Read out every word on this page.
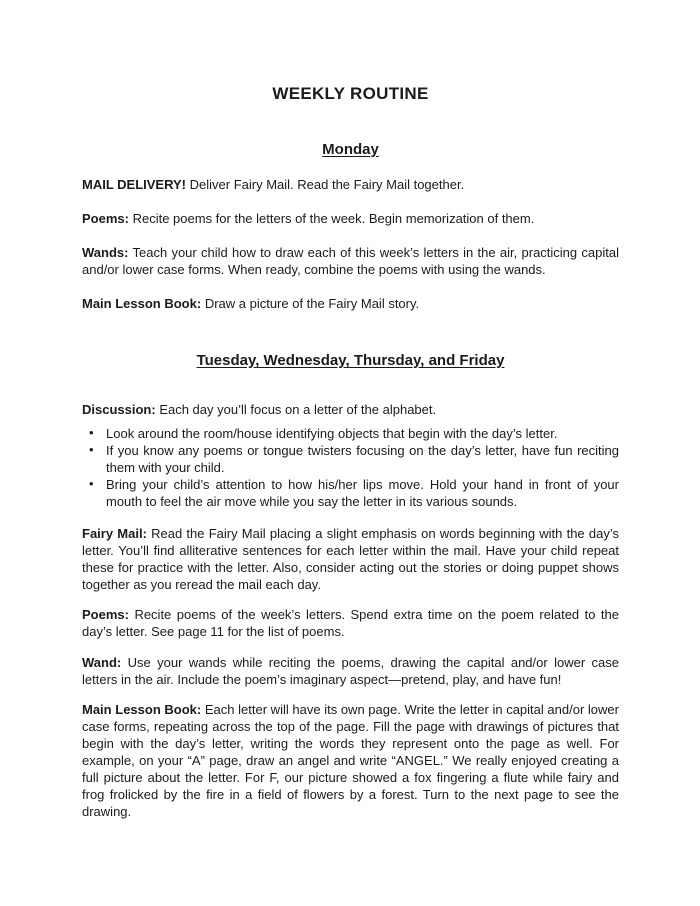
WEEKLY ROUTINE
Monday

MAIL DELIVERY! Deliver Fairy Mail. Read the Fairy Mail together.

Poems: Recite poems for the letters of the week. Begin memorization of them.

Wands: Teach your child how to draw each of this week’s letters in the air, practicing capital and/or lower case forms. When ready, combine the poems with using the wands.

Main Lesson Book: Draw a picture of the Fairy Mail story.

Tuesday, Wednesday, Thursday, and Friday

Discussion: Each day you’ll focus on a letter of the alphabet.

• Look around the room/house identifying objects that begin with the day’s letter.
• If you know any poems or tongue twisters focusing on the day’s letter, have fun reciting them with your child.
• Bring your child’s attention to how his/her lips move. Hold your hand in front of your mouth to feel the air move while you say the letter in its various sounds.

Fairy Mail: Read the Fairy Mail placing a slight emphasis on words beginning with the day’s letter. You’ll find alliterative sentences for each letter within the mail. Have your child repeat these for practice with the letter. Also, consider acting out the stories or doing puppet shows together as you reread the mail each day.

Poems: Recite poems of the week’s letters. Spend extra time on the poem related to the day’s letter. See page 11 for the list of poems.

Wand: Use your wands while reciting the poems, drawing the capital and/or lower case letters in the air. Include the poem’s imaginary aspect—pretend, play, and have fun!

Main Lesson Book: Each letter will have its own page. Write the letter in capital and/or lower case forms, repeating across the top of the page. Fill the page with drawings of pictures that begin with the day’s letter, writing the words they represent onto the page as well. For example, on your “A” page, draw an angel and write “ANGEL.” We really enjoyed creating a full picture about the letter. For F, our picture showed a fox fingering a flute while fairy and frog frolicked by the fire in a field of flowers by a forest. Turn to the next page to see the drawing.
